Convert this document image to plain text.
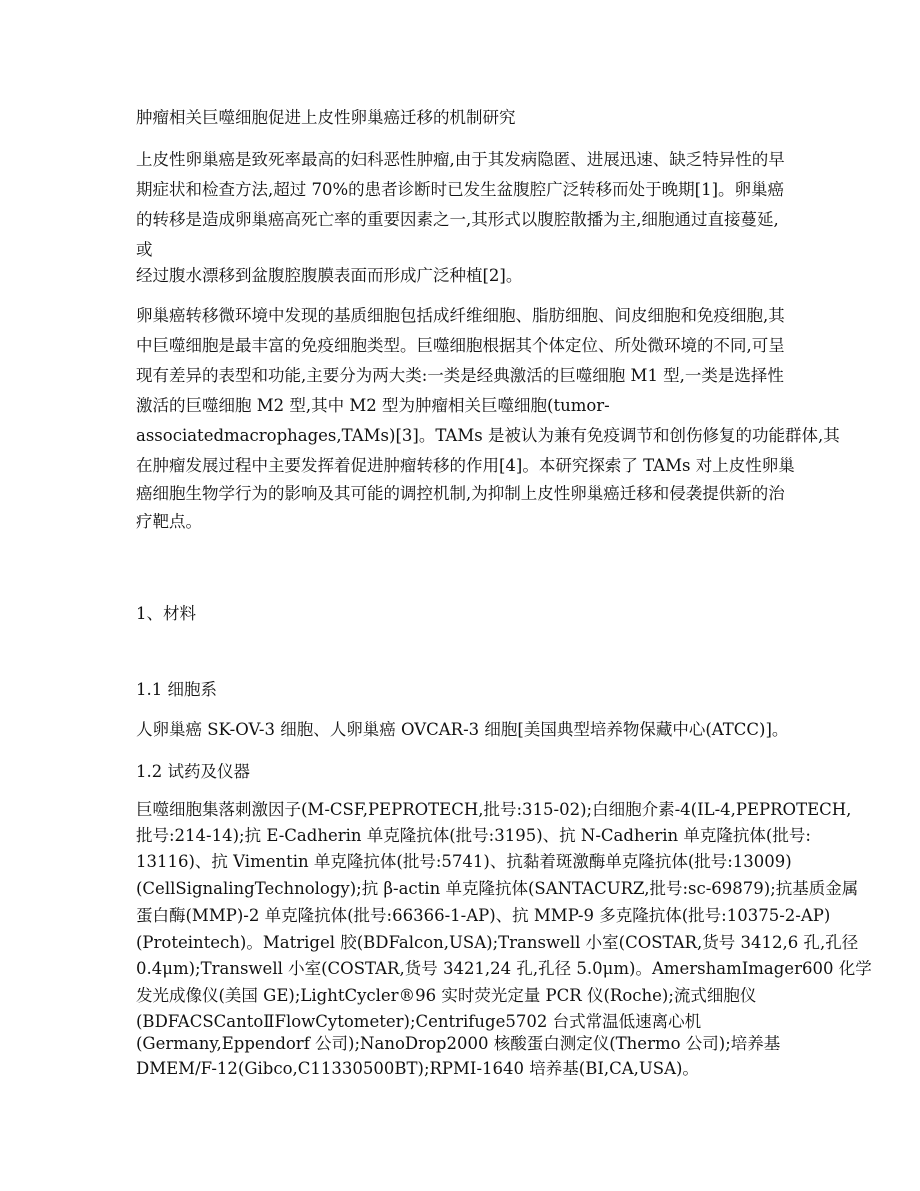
肿瘤相关巨噬细胞促进上皮性卵巢癌迁移的机制研究
上皮性卵巢癌是致死率最高的妇科恶性肿瘤,由于其发病隐匿、进展迅速、缺乏特异性的早
期症状和检查方法,超过 70%的患者诊断时已发生盆腹腔广泛转移而处于晚期[1]。卵巢癌
的转移是造成卵巢癌高死亡率的重要因素之一,其形式以腹腔散播为主,细胞通过直接蔓延,
或
经过腹水漂移到盆腹腔腹膜表面而形成广泛种植[2]。
卵巢癌转移微环境中发现的基质细胞包括成纤维细胞、脂肪细胞、间皮细胞和免疫细胞,其
中巨噬细胞是最丰富的免疫细胞类型。巨噬细胞根据其个体定位、所处微环境的不同,可呈
现有差异的表型和功能,主要分为两大类:一类是经典激活的巨噬细胞 M1 型,一类是选择性
激活的巨噬细胞 M2 型,其中 M2 型为肿瘤相关巨噬细胞(tumor-
associatedmacrophages,TAMs)[3]。TAMs 是被认为兼有免疫调节和创伤修复的功能群体,其
在肿瘤发展过程中主要发挥着促进肿瘤转移的作用[4]。本研究探索了 TAMs 对上皮性卵巢
癌细胞生物学行为的影响及其可能的调控机制,为抑制上皮性卵巢癌迁移和侵袭提供新的治
疗靶点。
1、材料
1.1 细胞系
人卵巢癌 SK-OV-3 细胞、人卵巢癌 OVCAR-3 细胞[美国典型培养物保藏中心(ATCC)]。
1.2 试药及仪器
巨噬细胞集落刺激因子(M-CSF,PEPROTECH,批号:315-02);白细胞介素-4(IL-4,PEPROTECH,
批号:214-14);抗 E-Cadherin 单克隆抗体(批号:3195)、抗 N-Cadherin 单克隆抗体(批号:
13116)、抗 Vimentin 单克隆抗体(批号:5741)、抗黏着斑激酶单克隆抗体(批号:13009)
(CellSignalingTechnology);抗 β-actin 单克隆抗体(SANTACURZ,批号:sc-69879);抗基质金属
蛋白酶(MMP)-2 单克隆抗体(批号:66366-1-AP)、抗 MMP-9 多克隆抗体(批号:10375-2-AP)
(Proteintech)。Matrigel 胶(BDFalcon,USA);Transwell 小室(COSTAR,货号 3412,6 孔,孔径
0.4μm);Transwell 小室(COSTAR,货号 3421,24 孔,孔径 5.0μm)。AmershamImager600 化学
发光成像仪(美国 GE);LightCycler®96 实时荧光定量 PCR 仪(Roche);流式细胞仪
(BDFACSCantoⅡFlowCytometer);Centrifuge5702 台式常温低速离心机
(Germany,Eppendorf 公司);NanoDrop2000 核酸蛋白测定仪(Thermo 公司);培养基
DMEM/F-12(Gibco,C11330500BT);RPMI-1640 培养基(BI,CA,USA)。
